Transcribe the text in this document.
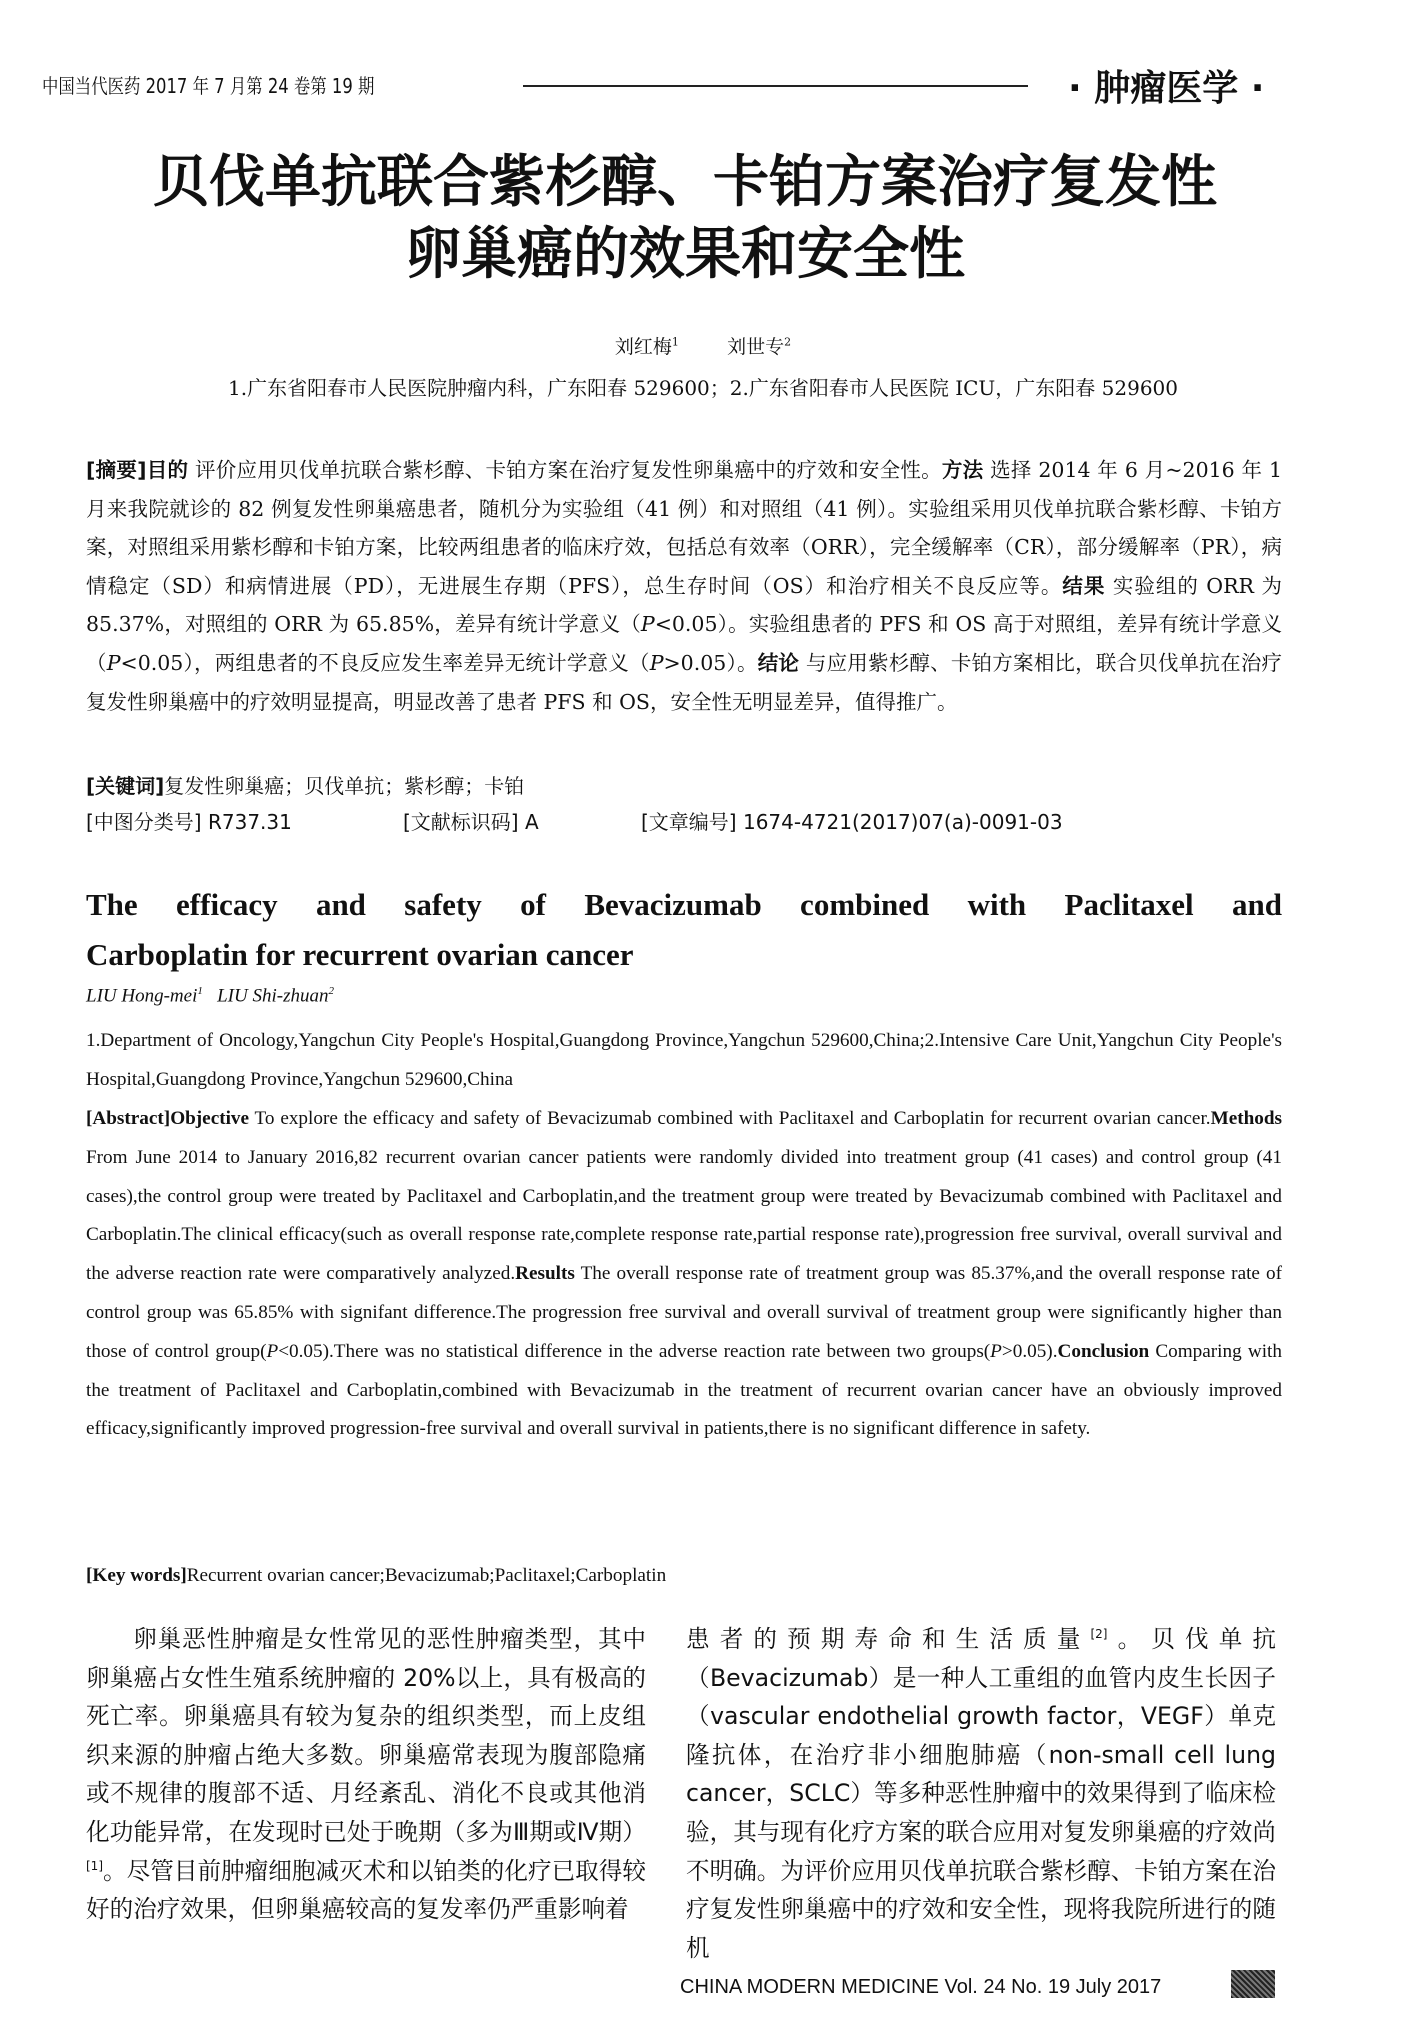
中国当代医药 2017 年 7 月第 24 卷第 19 期	· 肿瘤医学 ·
贝伐单抗联合紫杉醇、卡铂方案治疗复发性
卵巢癌的效果和安全性
刘红梅$^1$	刘世专$^2$
1.广东省阳春市人民医院肿瘤内科，广东阳春 529600；2.广东省阳春市人民医院 ICU，广东阳春 529600
[摘要]目的 评价应用贝伐单抗联合紫杉醇、卡铂方案在治疗复发性卵巢癌中的疗效和安全性。方法 选择 2014 年 6 月~2016 年 1 月来我院就诊的 82 例复发性卵巢癌患者，随机分为实验组（41 例）和对照组（41 例）。实验组采用贝伐单抗联合紫杉醇、卡铂方案，对照组采用紫杉醇和卡铂方案，比较两组患者的临床疗效，包括总有效率（ORR），完全缓解率（CR），部分缓解率（PR），病情稳定（SD）和病情进展（PD），无进展生存期（PFS），总生存时间（OS）和治疗相关不良反应等。结果 实验组的 ORR 为 85.37%，对照组的 ORR 为 65.85%，差异有统计学意义（P<0.05）。实验组患者的 PFS 和 OS 高于对照组，差异有统计学意义（P<0.05），两组患者的不良反应发生率差异无统计学意义（P>0.05）。结论 与应用紫杉醇、卡铂方案相比，联合贝伐单抗在治疗复发性卵巢癌中的疗效明显提高，明显改善了患者 PFS 和 OS，安全性无明显差异，值得推广。
[关键词]复发性卵巢癌；贝伐单抗；紫杉醇；卡铂
[中图分类号] R737.31	[文献标识码] A	[文章编号] 1674-4721(2017)07(a)-0091-03
The efficacy and safety of Bevacizumab combined with Paclitaxel and
Carboplatin for recurrent ovarian cancer
LIU Hong-mei$^1$ LIU Shi-zhuan$^2$
1.Department of Oncology,Yangchun City People's Hospital,Guangdong Province,Yangchun 529600,China;2.Intensive Care Unit,Yangchun City People's Hospital,Guangdong Province,Yangchun 529600,China
[Abstract]Objective To explore the efficacy and safety of Bevacizumab combined with Paclitaxel and Carboplatin for recurrent ovarian cancer.Methods From June 2014 to January 2016,82 recurrent ovarian cancer patients were randomly divided into treatment group (41 cases) and control group (41 cases),the control group were treated by Paclitaxel and Carboplatin,and the treatment group were treated by Bevacizumab combined with Paclitaxel and Carboplatin.The clinical efficacy(such as overall response rate,complete response rate,partial response rate),progression free survival, overall survival and the adverse reaction rate were comparatively analyzed.Results The overall response rate of treatment group was 85.37%,and the overall response rate of control group was 65.85% with signifant difference.The progression free survival and overall survival of treatment group were significantly higher than those of control group(P<0.05).There was no statistical difference in the adverse reaction rate between two groups(P>0.05).Conclusion Comparing with the treatment of Paclitaxel and Carboplatin,combined with Bevacizumab in the treatment of recurrent ovarian cancer have an obviously improved efficacy,significantly improved progression-free survival and overall survival in patients,there is no significant difference in safety.
[Key words]Recurrent ovarian cancer;Bevacizumab;Paclitaxel;Carboplatin
卵巢恶性肿瘤是女性常见的恶性肿瘤类型，其中卵巢癌占女性生殖系统肿瘤的 20%以上，具有极高的死亡率。卵巢癌具有较为复杂的组织类型，而上皮组织来源的肿瘤占绝大多数。卵巢癌常表现为腹部隐痛或不规律的腹部不适、月经紊乱、消化不良或其他消化功能异常，在发现时已处于晚期（多为Ⅲ期或Ⅳ期）[1]。尽管目前肿瘤细胞减灭术和以铂类的化疗已取得较好的治疗效果，但卵巢癌较高的复发率仍严重影响着
患者的预期寿命和生活质量[2]。贝伐单抗（Bevacizumab）是一种人工重组的血管内皮生长因子（vascular endothelial growth factor，VEGF）单克隆抗体，在治疗非小细胞肺癌（non-small cell lung cancer，SCLC）等多种恶性肿瘤中的效果得到了临床检验，其与现有化疗方案的联合应用对复发卵巢癌的疗效尚不明确。为评价应用贝伐单抗联合紫杉醇、卡铂方案在治疗复发性卵巢癌中的疗效和安全性，现将我院所进行的随机
CHINA MODERN MEDICINE Vol. 24 No. 19 July 2017
